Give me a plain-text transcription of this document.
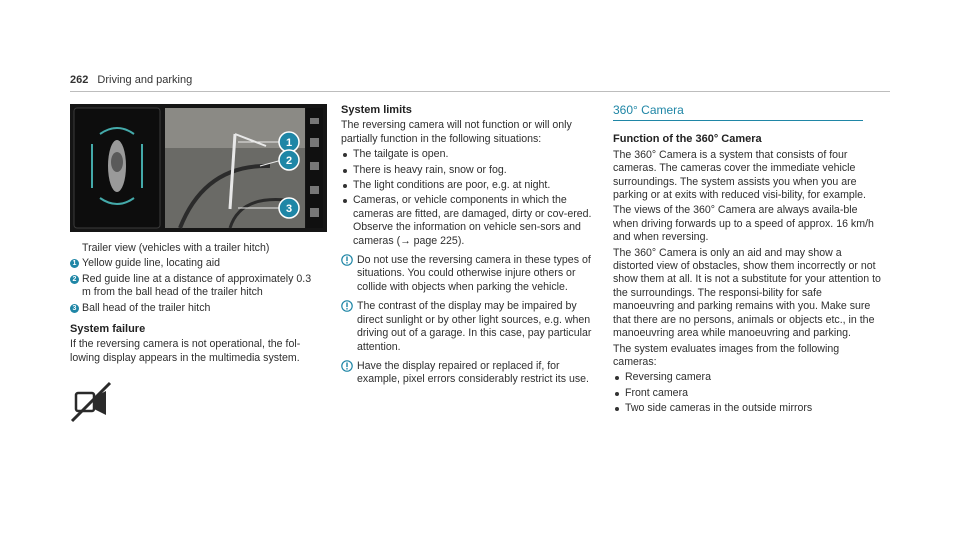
262 Driving and parking
1
2
3
Trailer view (vehicles with a trailer hitch)
1 Yellow guide line, locating aid
2 Red guide line at a distance of approximately 0.3 m from the ball head of the trailer hitch
3 Ball head of the trailer hitch
System failure

If the reversing camera is not operational, the fol-lowing display appears in the multimedia system.

System limits

The reversing camera will not function or will only partially function in the following situations:

The tailgate is open.
There is heavy rain, snow or fog.
The light conditions are poor, e.g. at night.
Cameras, or vehicle components in which the cameras are fitted, are damaged, dirty or cov-ered. Observe the information on vehicle sen-sors and cameras (→ page 225).
Do not use the reversing camera in these types of situations. You could otherwise injure others or collide with objects when parking the vehicle.
The contrast of the display may be impaired by direct sunlight or by other light sources, e.g. when driving out of a garage. In this case, pay particular attention.
Have the display repaired or replaced if, for example, pixel errors considerably restrict its use.
360° Camera
Function of the 360° Camera

The 360° Camera is a system that consists of four cameras. The cameras cover the immediate vehicle surroundings. The system assists you when you are parking or at exits with reduced visi-bility, for example.

The views of the 360° Camera are always availa-ble when driving forwards up to a speed of approx. 16 km/h and when reversing.

The 360° Camera is only an aid and may show a distorted view of obstacles, show them incorrectly or not show them at all. It is not a substitute for your attention to the surroundings. The responsi-bility for safe manoeuvring and parking remains with you. Make sure that there are no persons, animals or objects etc., in the manoeuvring area while manoeuvring and parking.

The system evaluates images from the following cameras:

Reversing camera
Front camera
Two side cameras in the outside mirrors
